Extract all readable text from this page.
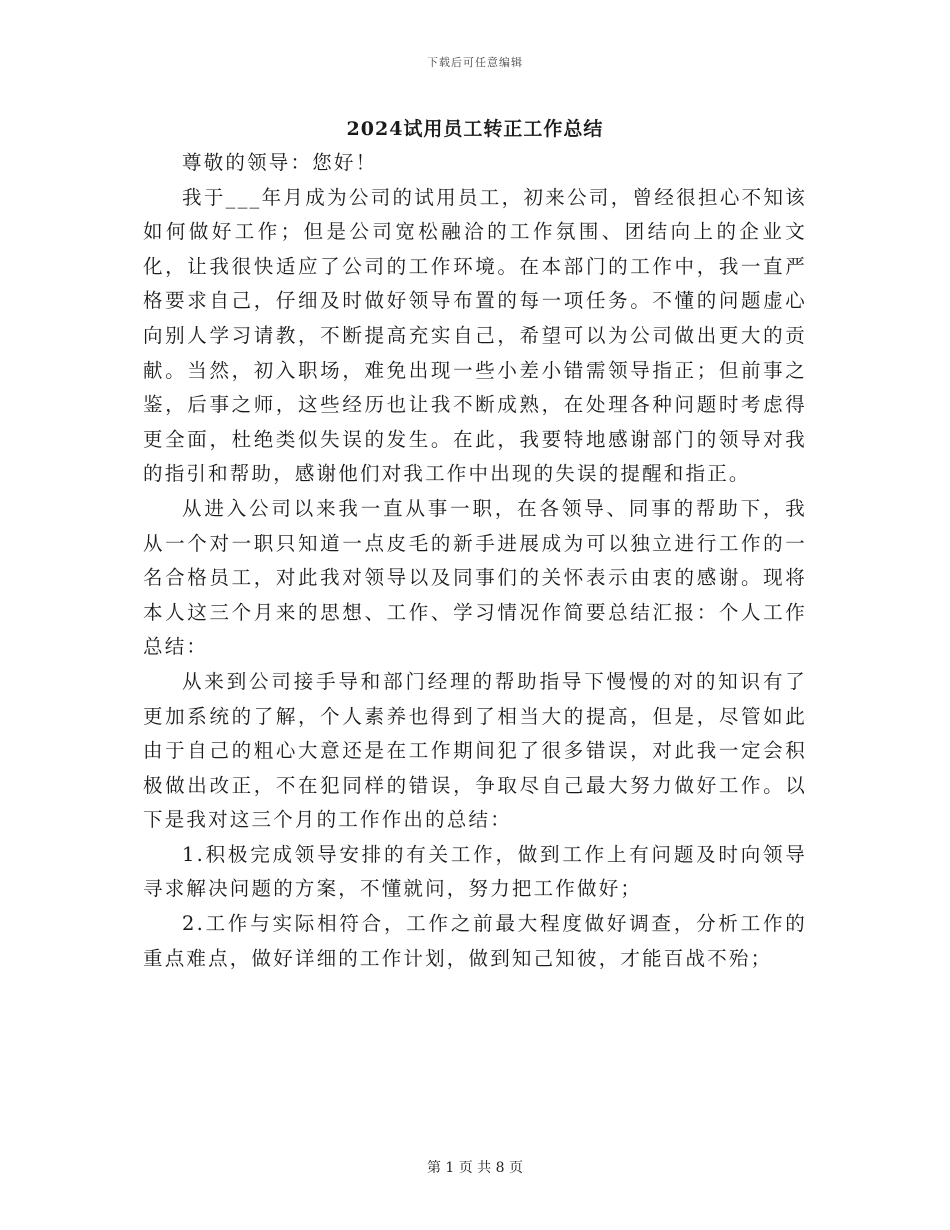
下载后可任意编辑
2024试用员工转正工作总结

尊敬的领导：您好！

我于___年月成为公司的试用员工，初来公司，曾经很担心不知该如何做好工作；但是公司宽松融洽的工作氛围、团结向上的企业文化，让我很快适应了公司的工作环境。在本部门的工作中，我一直严格要求自己，仔细及时做好领导布置的每一项任务。不懂的问题虚心向别人学习请教，不断提高充实自己，希望可以为公司做出更大的贡献。当然，初入职场，难免出现一些小差小错需领导指正；但前事之鉴，后事之师，这些经历也让我不断成熟，在处理各种问题时考虑得更全面，杜绝类似失误的发生。在此，我要特地感谢部门的领导对我的指引和帮助，感谢他们对我工作中出现的失误的提醒和指正。

从进入公司以来我一直从事一职，在各领导、同事的帮助下，我从一个对一职只知道一点皮毛的新手进展成为可以独立进行工作的一名合格员工，对此我对领导以及同事们的关怀表示由衷的感谢。现将本人这三个月来的思想、工作、学习情况作简要总结汇报：个人工作总结：

从来到公司接手导和部门经理的帮助指导下慢慢的对的知识有了更加系统的了解，个人素养也得到了相当大的提高，但是，尽管如此由于自己的粗心大意还是在工作期间犯了很多错误，对此我一定会积极做出改正，不在犯同样的错误，争取尽自己最大努力做好工作。以下是我对这三个月的工作作出的总结：

1.积极完成领导安排的有关工作，做到工作上有问题及时向领导寻求解决问题的方案，不懂就问，努力把工作做好；

2.工作与实际相符合，工作之前最大程度做好调查，分析工作的重点难点，做好详细的工作计划，做到知己知彼，才能百战不殆；

第 1 页 共 8 页
